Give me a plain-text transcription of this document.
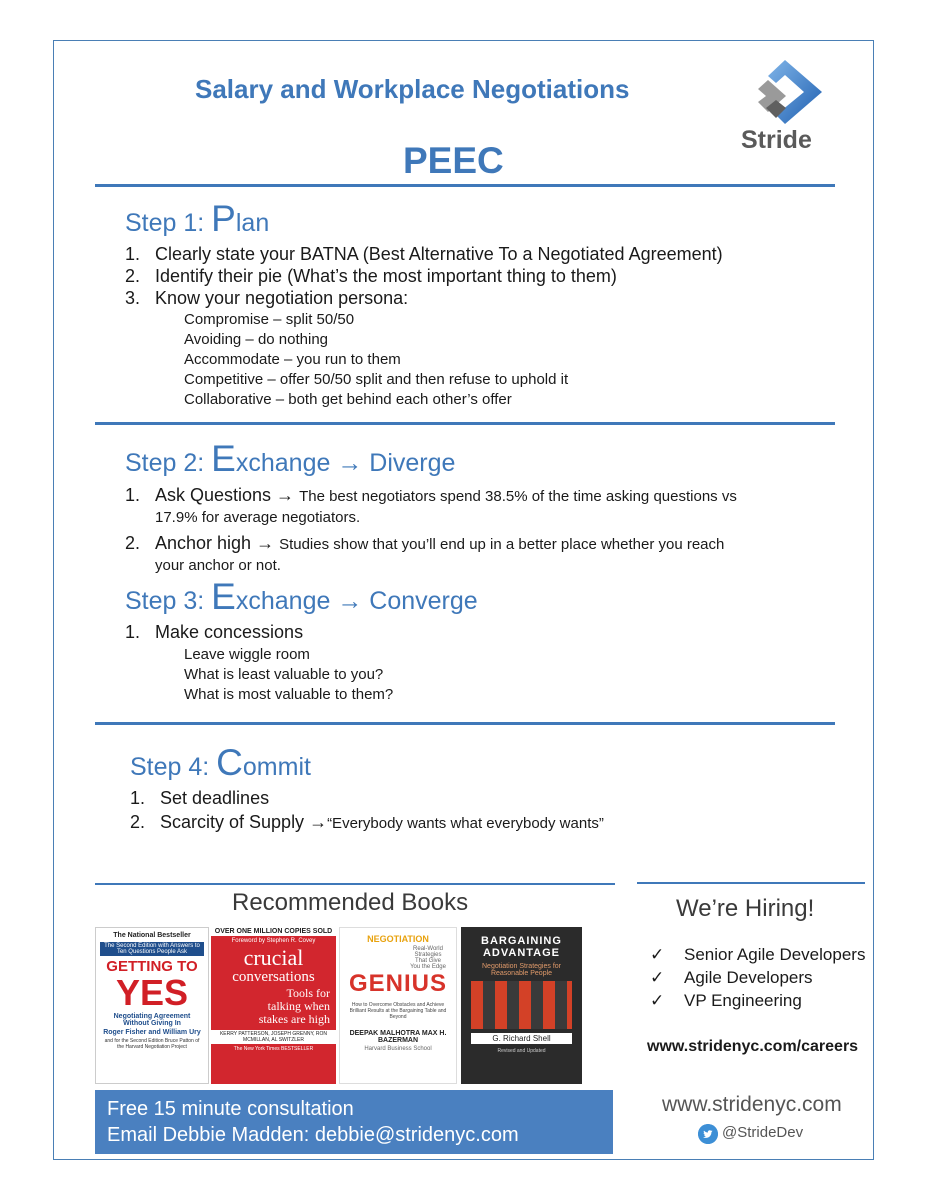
Salary and Workplace Negotiations
PEEC	Stride
Step 1: Plan
1. Clearly state your BATNA (Best Alternative To a Negotiated Agreement)
2. Identify their pie (What’s the most important thing to them)
3. Know your negotiation persona:
Compromise – split 50/50
Avoiding – do nothing
Accommodate – you run to them
Competitive – offer 50/50 split and then refuse to uphold it
Collaborative – both get behind each other’s offer
Step 2: Exchange → Diverge
1. Ask Questions → The best negotiators spend 38.5% of the time asking questions vs
17.9% for average negotiators.
2. Anchor high → Studies show that you’ll end up in a better place whether you reach
your anchor or not.
Step 3: Exchange → Converge
1. Make concessions
Leave wiggle room
What is least valuable to you?
What is most valuable to them?
Step 4: Commit
1. Set deadlines
2. Scarcity of Supply →“Everybody wants what everybody wants”
Recommended Books
The National Bestseller
The Second Edition with Answers to Ten Questions People Ask
GETTING TO
YES
Negotiating Agreement Without Giving In
Roger Fisher and William Ury
and for the Second Edition Bruce Patton of the Harvard Negotiation Project
OVER ONE MILLION COPIES SOLD
Foreword by Stephen R. Covey
crucial
conversations
Tools for talking when stakes are high
KERRY PATTERSON, JOSEPH GRENNY, RON MCMILLAN, AL SWITZLER
The New York Times BESTSELLER
NEGOTIATION
Real-World Strategies That Give You the Edge
GENIUS
How to Overcome Obstacles and Achieve Brilliant Results at the Bargaining Table and Beyond
DEEPAK MALHOTRA MAX H. BAZERMAN
Harvard Business School
BARGAINING
ADVANTAGE
Negotiation Strategies for Reasonable People
G. Richard Shell
Revised and Updated
Free 15 minute consultation
Email Debbie Madden: debbie@stridenyc.com
We’re Hiring!
✓ Senior Agile Developers
✓ Agile Developers
✓ VP Engineering
www.stridenyc.com/careers
www.stridenyc.com
@StrideDev
